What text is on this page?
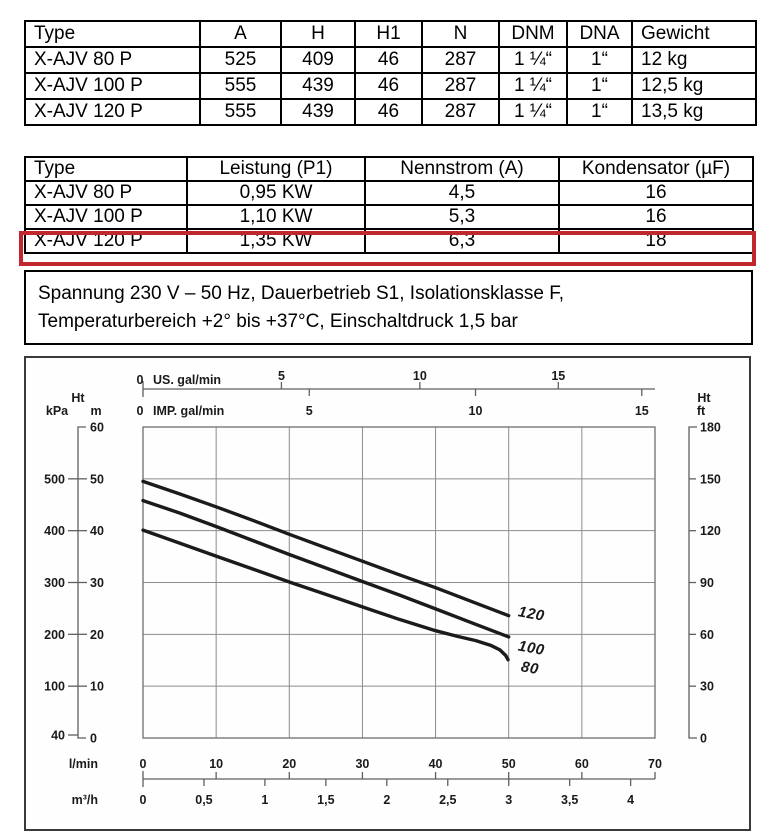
Type	A	H	H1	N	DNM	DNA	Gewicht
X-AJV 80 P	525	409	46	287	1 ¼“	1“	12 kg
X-AJV 100 P	555	439	46	287	1 ¼“	1“	12,5 kg
X-AJV 120 P	555	439	46	287	1 ¼“	1“	13,5 kg
Type	Leistung (P1)	Nennstrom (A)	Kondensator (µF)
X-AJV 80 P	0,95 KW	4,5	16
X-AJV 100 P	1,10 KW	5,3	16
X-AJV 120 P	1,35 KW	6,3	18
Spannung 230 V – 50 Hz, Dauerbetrieb S1, Isolationsklasse F,
Temperaturbereich +2° bis +37°C, Einschaltdruck 1,5 bar
0 US. gal/min	5	10	15
0 IMP. gal/min	5	10	15
Ht
kPa m
60
50
40
30
20
10
0
500
400
300
200
100
40
Ht
ft
180
150
120
90
60
30
0
l/min
m³/h
0	10	20	30	40	50	60	70
0	0,5	1	1,5	2	2,5	3	3,5	4
120
100
80
